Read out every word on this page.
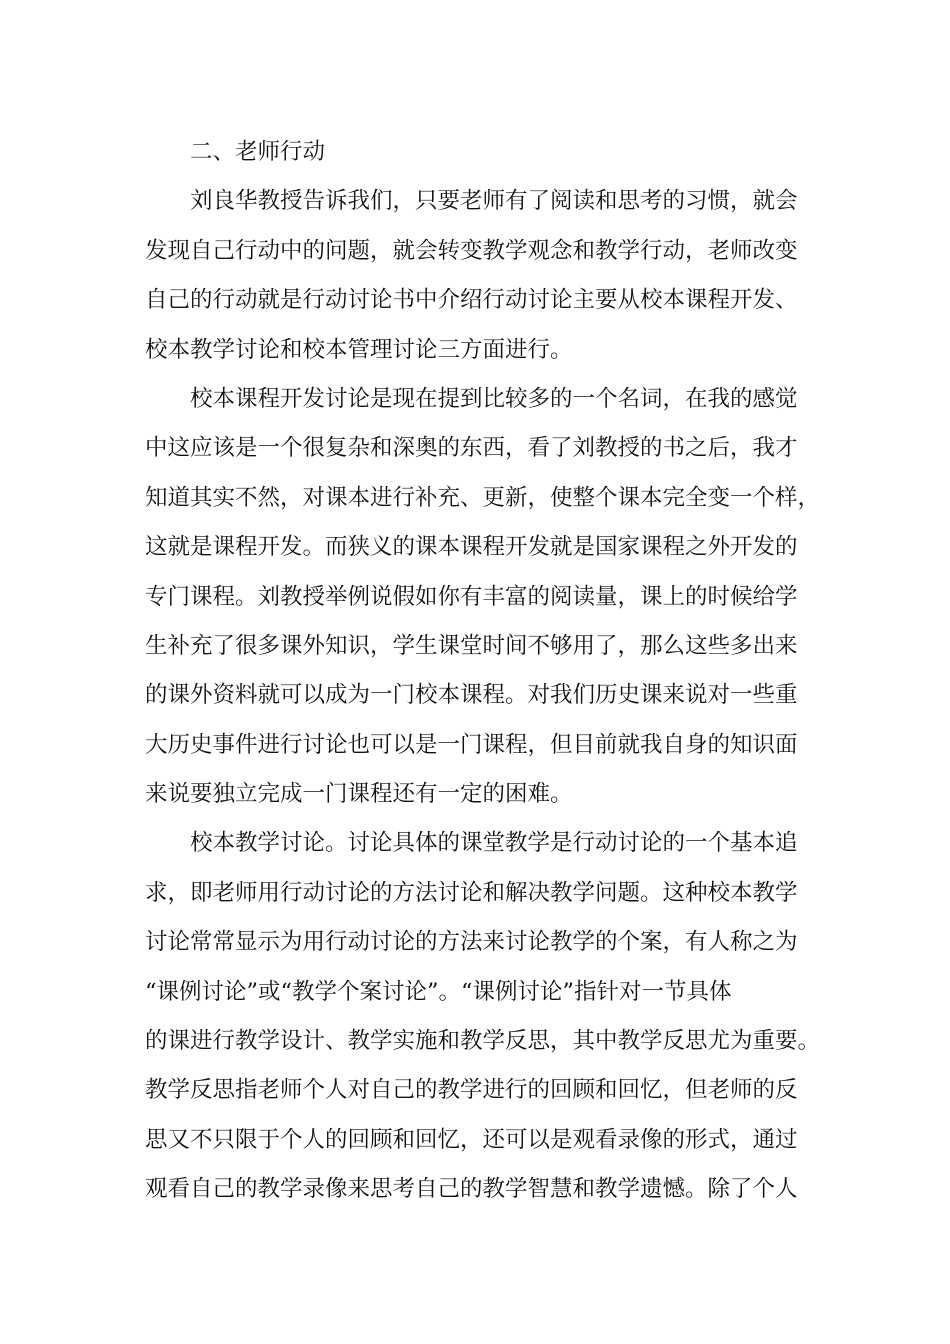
二、老师行动
刘良华教授告诉我们，只要老师有了阅读和思考的习惯，就会
发现自己行动中的问题，就会转变教学观念和教学行动，老师改变
自己的行动就是行动讨论书中介绍行动讨论主要从校本课程开发、
校本教学讨论和校本管理讨论三方面进行。
校本课程开发讨论是现在提到比较多的一个名词，在我的感觉
中这应该是一个很复杂和深奥的东西，看了刘教授的书之后，我才
知道其实不然，对课本进行补充、更新，使整个课本完全变一个样，
这就是课程开发。而狭义的课本课程开发就是国家课程之外开发的
专门课程。刘教授举例说假如你有丰富的阅读量，课上的时候给学
生补充了很多课外知识，学生课堂时间不够用了，那么这些多出来
的课外资料就可以成为一门校本课程。对我们历史课来说对一些重
大历史事件进行讨论也可以是一门课程，但目前就我自身的知识面
来说要独立完成一门课程还有一定的困难。
校本教学讨论。讨论具体的课堂教学是行动讨论的一个基本追
求，即老师用行动讨论的方法讨论和解决教学问题。这种校本教学
讨论常常显示为用行动讨论的方法来讨论教学的个案，有人称之为
“课例讨论”或“教学个案讨论”。“课例讨论”指针对一节具体
的课进行教学设计、教学实施和教学反思，其中教学反思尤为重要。
教学反思指老师个人对自己的教学进行的回顾和回忆，但老师的反
思又不只限于个人的回顾和回忆，还可以是观看录像的形式，通过
观看自己的教学录像来思考自己的教学智慧和教学遗憾。除了个人
